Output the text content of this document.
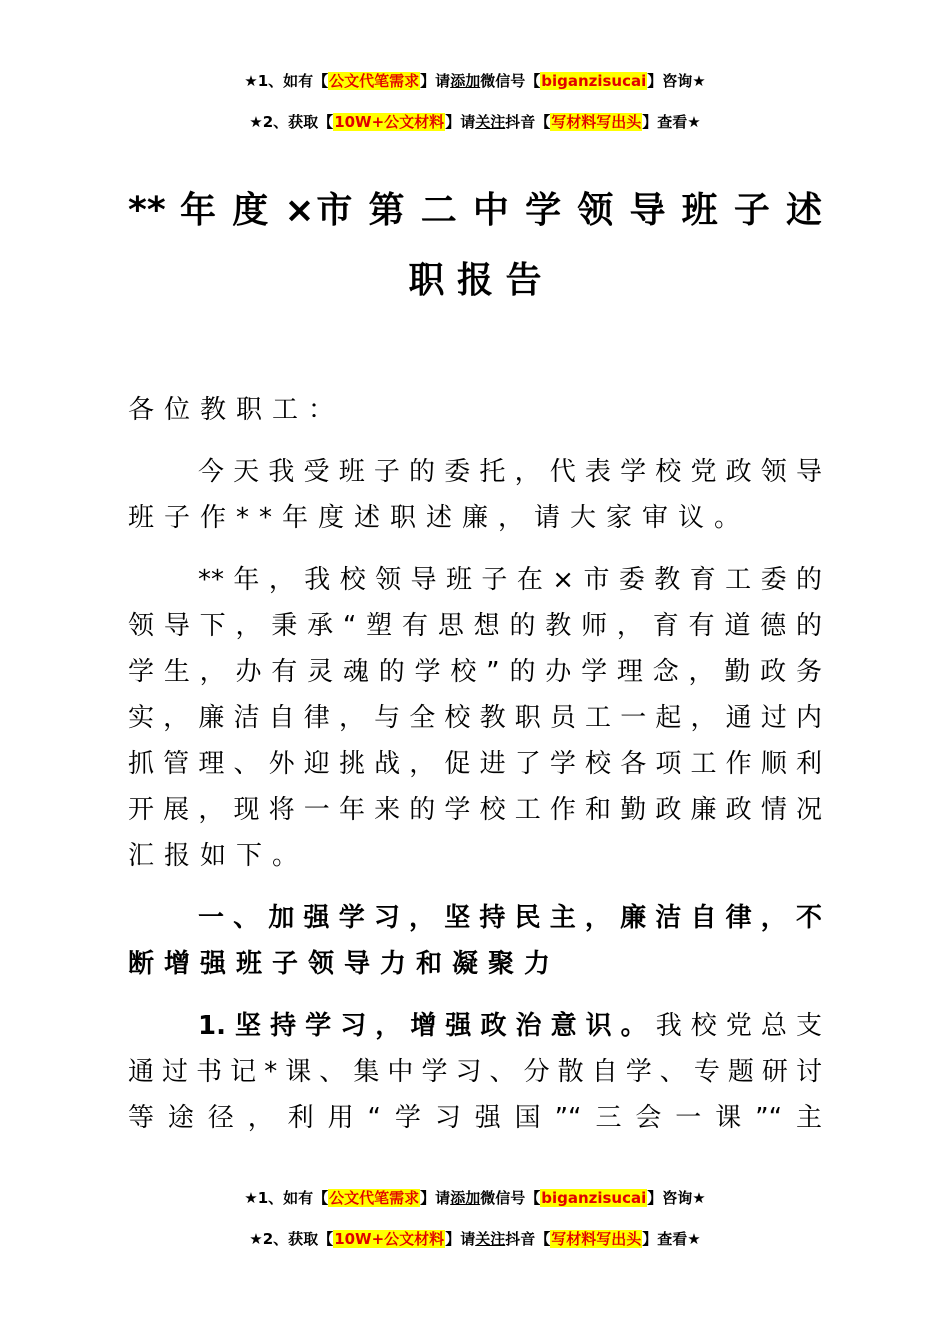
★1、如有【公文代笔需求】请添加微信号【biganzisucai】咨询★
★2、获取【10W+公文材料】请关注抖音【写材料写出头】查看★
** 年 度 ×市 第 二 中 学 领 导 班 子 述
职 报 告
各位教职工：
今天我受班子的委托，代表学校党政领导
班子作**年度述职述廉，请大家审议。
**年，我校领导班子在×市委教育工委的
领导下，秉承“塑有思想的教师，育有道德的
学生，办有灵魂的学校”的办学理念，勤政务
实，廉洁自律，与全校教职员工一起，通过内
抓管理、外迎挑战，促进了学校各项工作顺利
开展，现将一年来的学校工作和勤政廉政情况
汇报如下。
一、加强学习，坚持民主，廉洁自律，不
断增强班子领导力和凝聚力
1.坚持学习，增强政治意识。我校党总支
通过书记*课、集中学习、分散自学、专题研讨
等途径，利用“学习强国”“三会一课”“主
★1、如有【公文代笔需求】请添加微信号【biganzisucai】咨询★
★2、获取【10W+公文材料】请关注抖音【写材料写出头】查看★
